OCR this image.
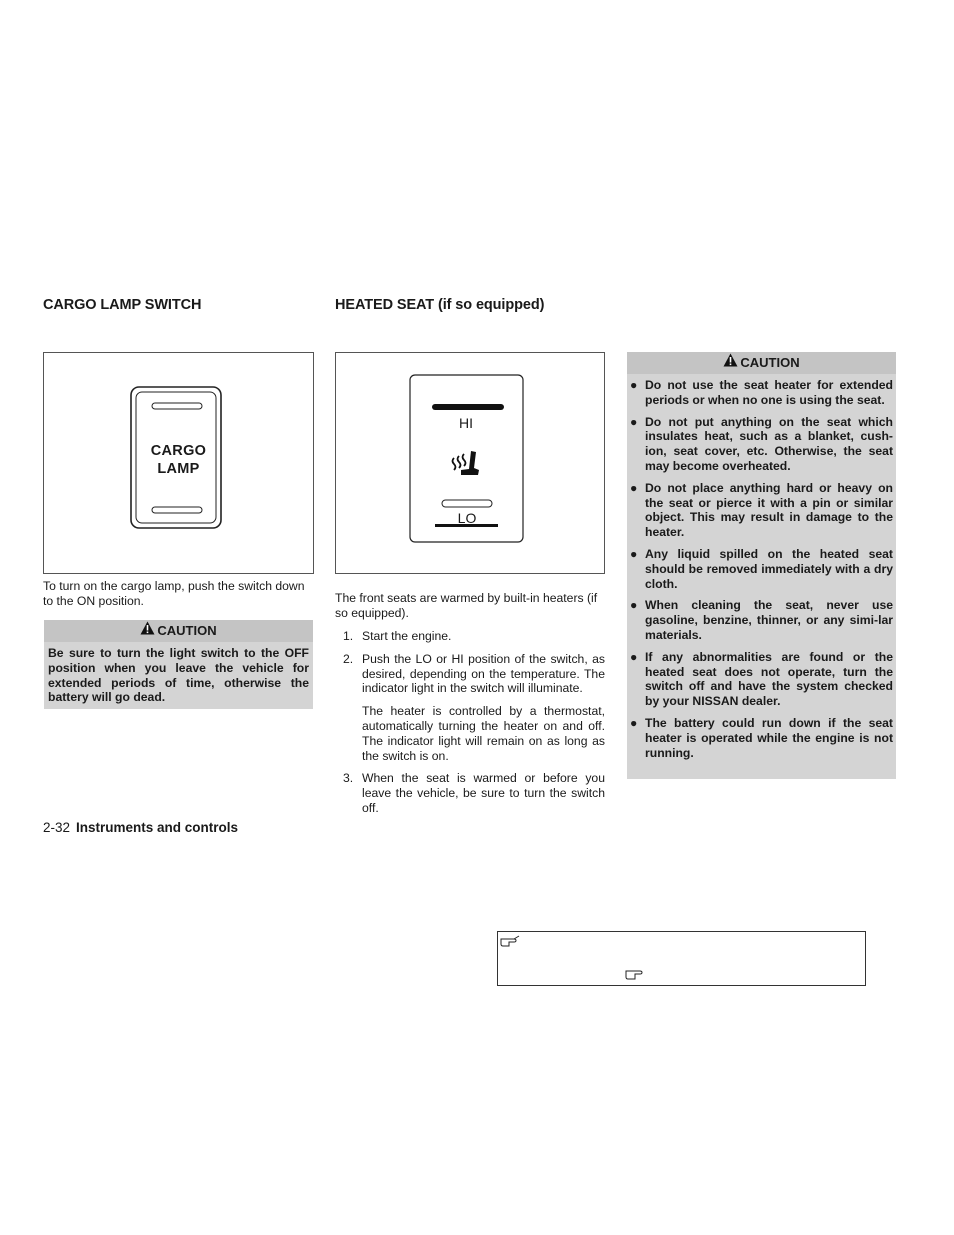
CARGO LAMP SWITCH
CARGO
LAMP
To turn on the cargo lamp, push the switch down to the ON position.
CAUTION
Be sure to turn the light switch to the OFF position when you leave the vehicle for extended periods of time, otherwise the battery will go dead.
HEATED SEAT (if so equipped)
HI
LO
The front seats are warmed by built-in heaters (if so equipped).
1. Start the engine.
2. Push the LO or HI position of the switch, as desired, depending on the temperature. The indicator light in the switch will illuminate.
The heater is controlled by a thermostat, automatically turning the heater on and off. The indicator light will remain on as long as the switch is on.
3. When the seat is warmed or before you leave the vehicle, be sure to turn the switch off.
CAUTION
● Do not use the seat heater for extended periods or when no one is using the seat.
● Do not put anything on the seat which insulates heat, such as a blanket, cush-ion, seat cover, etc. Otherwise, the seat may become overheated.
● Do not place anything hard or heavy on the seat or pierce it with a pin or similar object. This may result in damage to the heater.
● Any liquid spilled on the heated seat should be removed immediately with a dry cloth.
● When cleaning the seat, never use gasoline, benzine, thinner, or any simi-lar materials.
● If any abnormalities are found or the heated seat does not operate, turn the switch off and have the system checked by your NISSAN dealer.
● The battery could run down if the seat heater is operated while the engine is not running.
2-32 Instruments and controls
